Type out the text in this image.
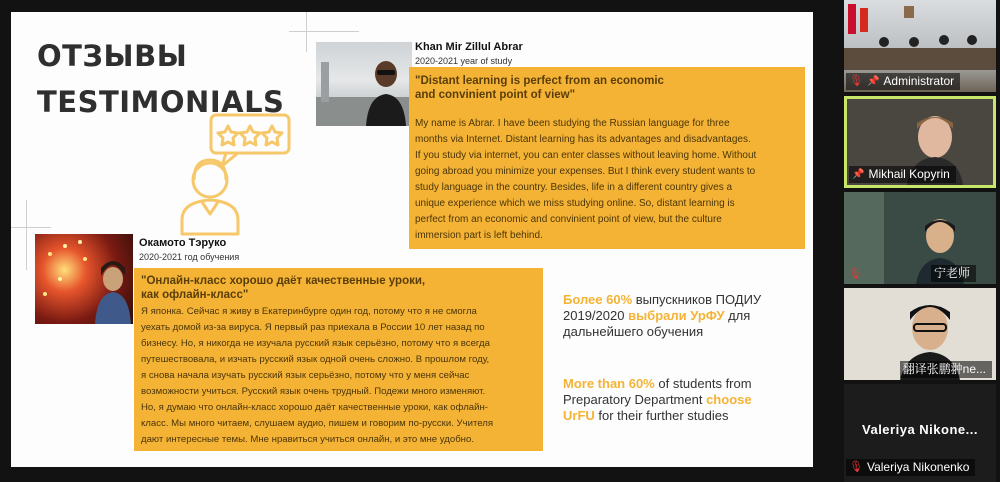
ОТЗЫВЫ
TESTIMONIALS
Khan Mir Zillul Abrar
2020-2021 year of study
"Distant learning is perfect from an economic
and convinient point of view"
My name is Abrar. I have been studying the Russian language for three
months via Internet. Distant learning has its advantages and disadvantages.
If you study via internet, you can enter classes without leaving home. Without
going abroad you minimize your expenses. But I think every student wants to
study language in the country. Besides, life in a different country gives a
unique experience which we miss studying online. So, distant learning is
perfect from an economic and convinient point of view, but the culture
immersion part is left behind.
Окамото Тэруко
2020-2021 год обучения
"Онлайн-класс хорошо даёт качественные уроки,
как офлайн-класс"
Я японка. Сейчас я живу в Екатеринбурге один год, потому что я не смогла
уехать домой из-за вируса. Я первый раз приехала в России 10 лет назад по
бизнесу. Но, я никогда не изучала русский язык серьёзно, потому что я всегда
путешествовала, и изчать русский язык одной очень сложно. В прошлом году,
я снова начала изучать русский язык серьёзно, потому что у меня сейчас
возможности учиться. Русский язык очень трудный. Подежи много изменяют.
Но, я думаю что онлайн-класс хорошо даёт качественные уроки, как офлайн-
класс. Мы много читаем, слушаем аудио, пишем и говорим по-русски. Учителя
дают интересные темы. Мне нравиться учиться онлайн, и это мне удобно.
Более 60% выпускников ПОДИУ
2019/2020 выбрали УрФУ для
дальнейшего обучения
More than 60% of students from
Preparatory Department choose
UrFU for their further studies
🎙 📌 Administrator
📌 Mikhail Kopyrin
宁老师
🎙
翻译张鹏翀ne...
Valeriya Nikone...
🎙 Valeriya Nikonenko
